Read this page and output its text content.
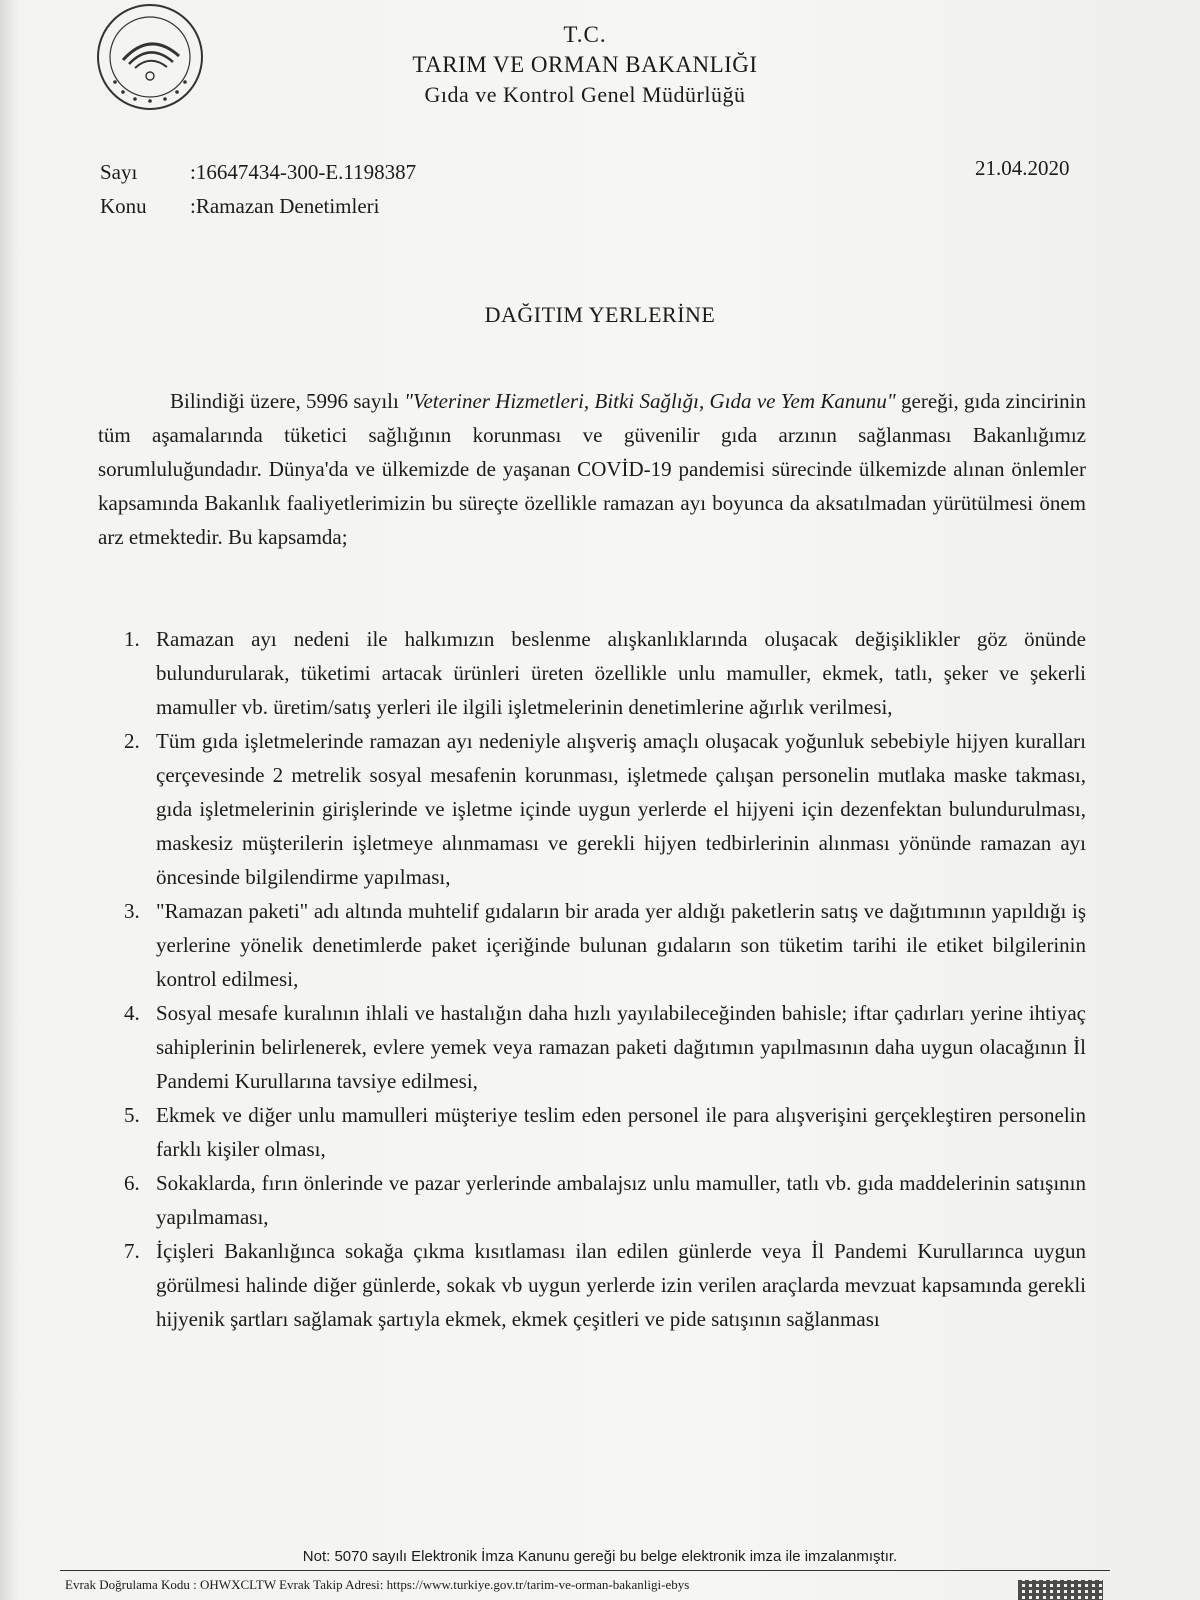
T.C.
TARIM VE ORMAN BAKANLIĞI
Gıda ve Kontrol Genel Müdürlüğü
Sayı	:16647434-300-E.1198387
Konu :Ramazan Denetimleri
21.04.2020
DAĞITIM YERLERİNE

Bilindiği üzere, 5996 sayılı "Veteriner Hizmetleri, Bitki Sağlığı, Gıda ve Yem Kanunu" gereği, gıda zincirinin tüm aşamalarında tüketici sağlığının korunması ve güvenilir gıda arzının sağlanması Bakanlığımız sorumluluğundadır. Dünya'da ve ülkemizde de yaşanan COVİD-19 pandemisi sürecinde ülkemizde alınan önlemler kapsamında Bakanlık faaliyetlerimizin bu süreçte özellikle ramazan ayı boyunca da aksatılmadan yürütülmesi önem arz etmektedir. Bu kapsamda;

1. Ramazan ayı nedeni ile halkımızın beslenme alışkanlıklarında oluşacak değişiklikler göz önünde bulundurularak, tüketimi artacak ürünleri üreten özellikle unlu mamuller, ekmek, tatlı, şeker ve şekerli mamuller vb. üretim/satış yerleri ile ilgili işletmelerinin denetimlerine ağırlık verilmesi,
2. Tüm gıda işletmelerinde ramazan ayı nedeniyle alışveriş amaçlı oluşacak yoğunluk sebebiyle hijyen kuralları çerçevesinde 2 metrelik sosyal mesafenin korunması, işletmede çalışan personelin mutlaka maske takması, gıda işletmelerinin girişlerinde ve işletme içinde uygun yerlerde el hijyeni için dezenfektan bulundurulması, maskesiz müşterilerin işletmeye alınmaması ve gerekli hijyen tedbirlerinin alınması yönünde ramazan ayı öncesinde bilgilendirme yapılması,
3. "Ramazan paketi" adı altında muhtelif gıdaların bir arada yer aldığı paketlerin satış ve dağıtımının yapıldığı iş yerlerine yönelik denetimlerde paket içeriğinde bulunan gıdaların son tüketim tarihi ile etiket bilgilerinin kontrol edilmesi,
4. Sosyal mesafe kuralının ihlali ve hastalığın daha hızlı yayılabileceğinden bahisle; iftar çadırları yerine ihtiyaç sahiplerinin belirlenerek, evlere yemek veya ramazan paketi dağıtımın yapılmasının daha uygun olacağının İl Pandemi Kurullarına tavsiye edilmesi,
5. Ekmek ve diğer unlu mamulleri müşteriye teslim eden personel ile para alışverişini gerçekleştiren personelin farklı kişiler olması,
6. Sokaklarda, fırın önlerinde ve pazar yerlerinde ambalajsız unlu mamuller, tatlı vb. gıda maddelerinin satışının yapılmaması,
7. İçişleri Bakanlığınca sokağa çıkma kısıtlaması ilan edilen günlerde veya İl Pandemi Kurullarınca uygun görülmesi halinde diğer günlerde, sokak vb uygun yerlerde izin verilen araçlarda mevzuat kapsamında gerekli hijyenik şartları sağlamak şartıyla ekmek, ekmek çeşitleri ve pide satışının sağlanması
Not: 5070 sayılı Elektronik İmza Kanunu gereği bu belge elektronik imza ile imzalanmıştır.
Evrak Doğrulama Kodu : OHWXCLTW Evrak Takip Adresi: https://www.turkiye.gov.tr/tarim-ve-orman-bakanligi-ebys
